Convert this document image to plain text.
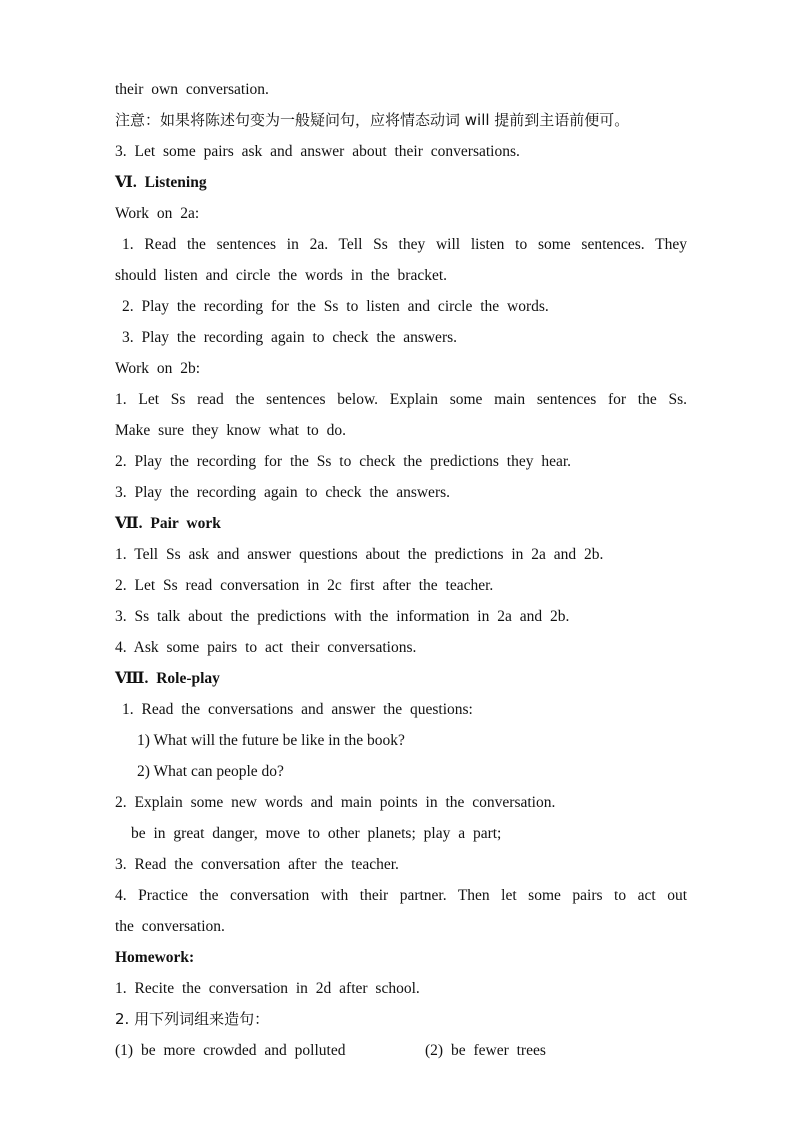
their own conversation.
注意：如果将陈述句变为一般疑问句，应将情态动词 will 提前到主语前便可。
3. Let some pairs ask and answer about their conversations.
Ⅵ. Listening
Work on 2a:
1. Read the sentences in 2a. Tell Ss they will listen to some sentences. They
should listen and circle the words in the bracket.
2. Play the recording for the Ss to listen and circle the words.
3. Play the recording again to check the answers.
Work on 2b:
1. Let Ss read the sentences below. Explain some main sentences for the Ss.
Make sure they know what to do.
2. Play the recording for the Ss to check the predictions they hear.
3. Play the recording again to check the answers.
Ⅶ. Pair work
1. Tell Ss ask and answer questions about the predictions in 2a and 2b.
2. Let Ss read conversation in 2c first after the teacher.
3. Ss talk about the predictions with the information in 2a and 2b.
4. Ask some pairs to act their conversations.
Ⅷ. Role-play
1. Read the conversations and answer the questions:
1) What will the future be like in the book?
2) What can people do?
2. Explain some new words and main points in the conversation.
be in great danger, move to other planets; play a part;
3. Read the conversation after the teacher.
4. Practice the conversation with their partner. Then let some pairs to act out
the conversation.
Homework:
1. Recite the conversation in 2d after school.
2. 用下列词组来造句：
(1) be more crowded and polluted	(2) be fewer trees
